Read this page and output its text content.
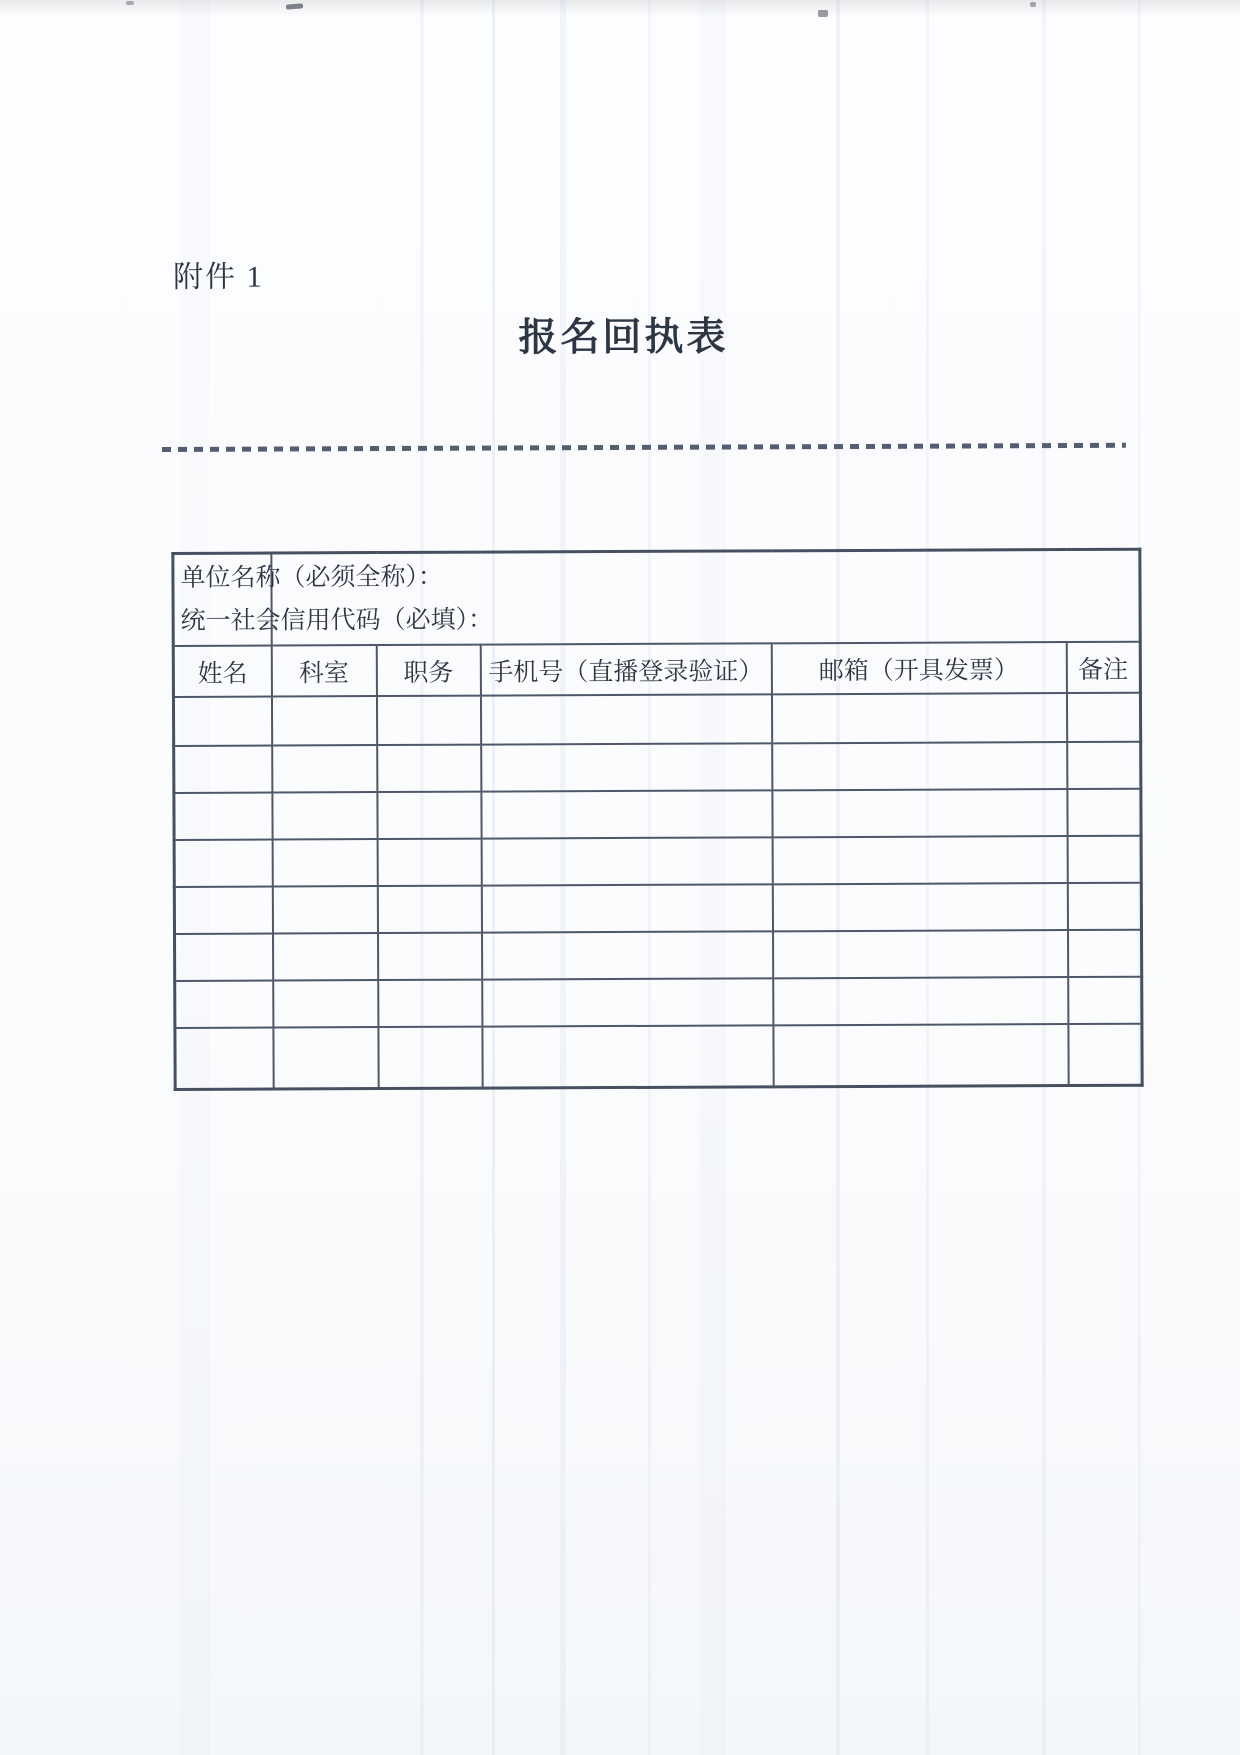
附件 1
报名回执表
单位名称（必须全称）：
统一社会信用代码（必填）：					

姓名	科室	职务	手机号（直播登录验证）	邮箱（开具发票）	备注
